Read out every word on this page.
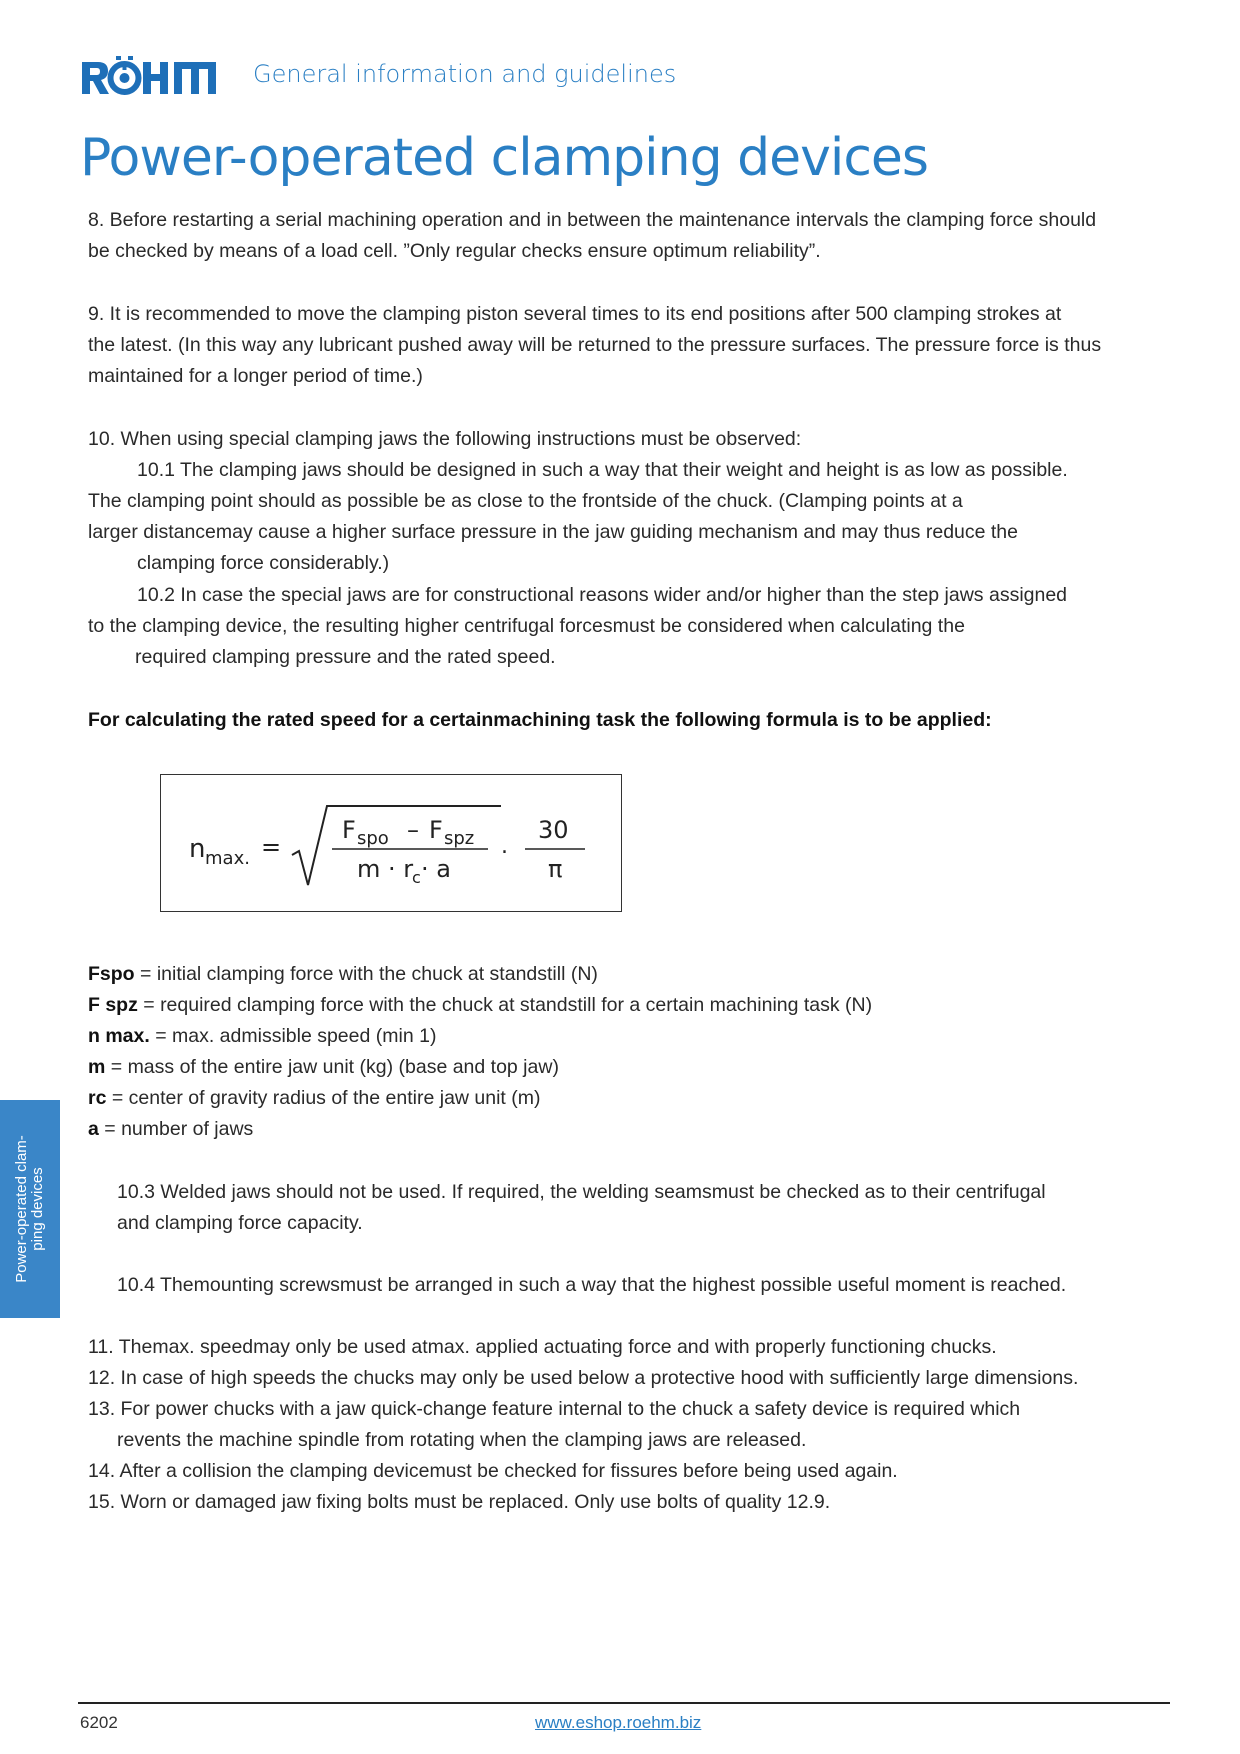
General information and guidelines
Power-operated clamping devices

8. Before restarting a serial machining operation and in between the maintenance intervals the clamping force should

be checked by means of a load cell. ”Only regular checks ensure optimum reliability”.

9. It is recommended to move the clamping piston several times to its end positions after 500 clamping strokes at

the latest. (In this way any lubricant pushed away will be returned to the pressure surfaces. The pressure force is thus

maintained for a longer period of time.)

10. When using special clamping jaws the following instructions must be observed:

10.1 The clamping jaws should be designed in such a way that their weight and height is as low as possible.

The clamping point should as possible be as close to the frontside of the chuck. (Clamping points at a

larger distancemay cause a higher surface pressure in the jaw guiding mechanism and may thus reduce the

clamping force considerably.)

10.2 In case the special jaws are for constructional reasons wider and/or higher than the step jaws assigned

to the clamping device, the resulting higher centrifugal forcesmust be considered when calculating the

required clamping pressure and the rated speed.

For calculating the rated speed for a certainmachining task the following formula is to be applied:

n max. =
F spo – F spz
m · r
c · a
.
30
π
Fspo = initial clamping force with the chuck at standstill (N)
F spz = required clamping force with the chuck at standstill for a certain machining task (N)
n max. = max. admissible speed (min 1)
m = mass of the entire jaw unit (kg) (base and top jaw)
rc = center of gravity radius of the entire jaw unit (m)
a = number of jaws

10.3 Welded jaws should not be used. If required, the welding seamsmust be checked as to their centrifugal

and clamping force capacity.

10.4 Themounting screwsmust be arranged in such a way that the highest possible useful moment is reached.

11. Themax. speedmay only be used atmax. applied actuating force and with properly functioning chucks.

12. In case of high speeds the chucks may only be used below a protective hood with sufficiently large dimensions.

13. For power chucks with a jaw quick-change feature internal to the chuck a safety device is required which

revents the machine spindle from rotating when the clamping jaws are released.

14. After a collision the clamping devicemust be checked for fissures before being used again.

15. Worn or damaged jaw fixing bolts must be replaced. Only use bolts of quality 12.9.

Power-operated clam- ping devices
6202	www.eshop.roehm.biz
